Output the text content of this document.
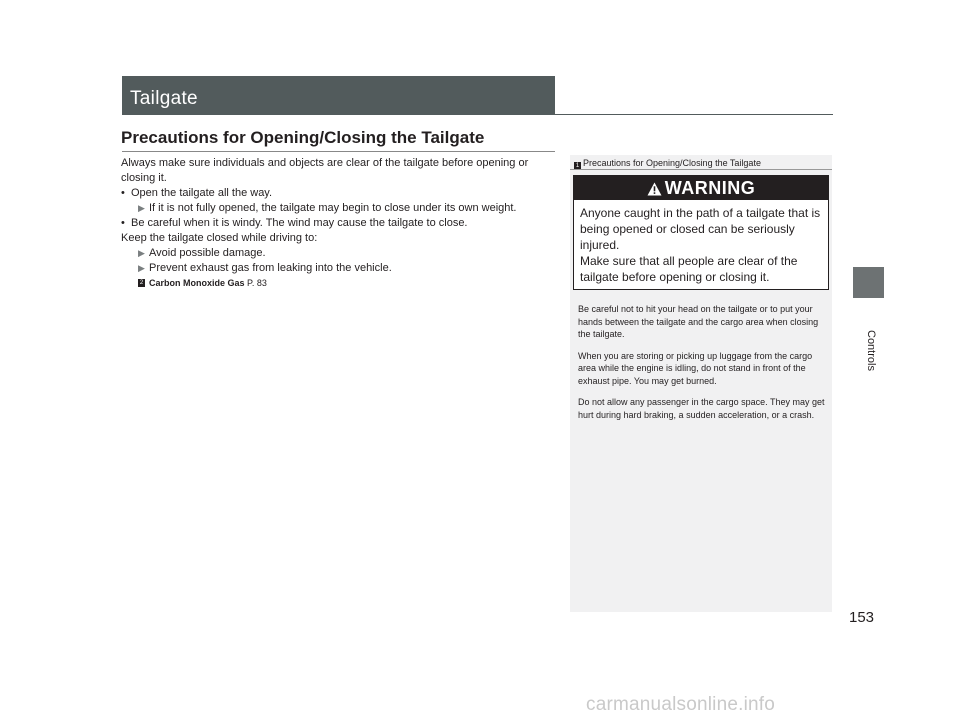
Tailgate
Controls
Precautions for Opening/Closing the Tailgate

Always make sure individuals and objects are clear of the tailgate before opening or closing it.

• Open the tailgate all the way.

▶ If it is not fully opened, the tailgate may begin to close under its own weight.

• Be careful when it is windy. The wind may cause the tailgate to close.

Keep the tailgate closed while driving to:

▶ Avoid possible damage.

▶ Prevent exhaust gas from leaking into the vehicle.

2 Carbon Monoxide Gas P. 83

1 Precautions for Opening/Closing the Tailgate
WARNING
Anyone caught in the path of a tailgate that is being opened or closed can be seriously injured.
Make sure that all people are clear of the tailgate before opening or closing it.

Be careful not to hit your head on the tailgate or to put your hands between the tailgate and the cargo area when closing the tailgate.

When you are storing or picking up luggage from the cargo area while the engine is idling, do not stand in front of the exhaust pipe. You may get burned.

Do not allow any passenger in the cargo space. They may get hurt during hard braking, a sudden acceleration, or a crash.

153
carmanualsonline.info
